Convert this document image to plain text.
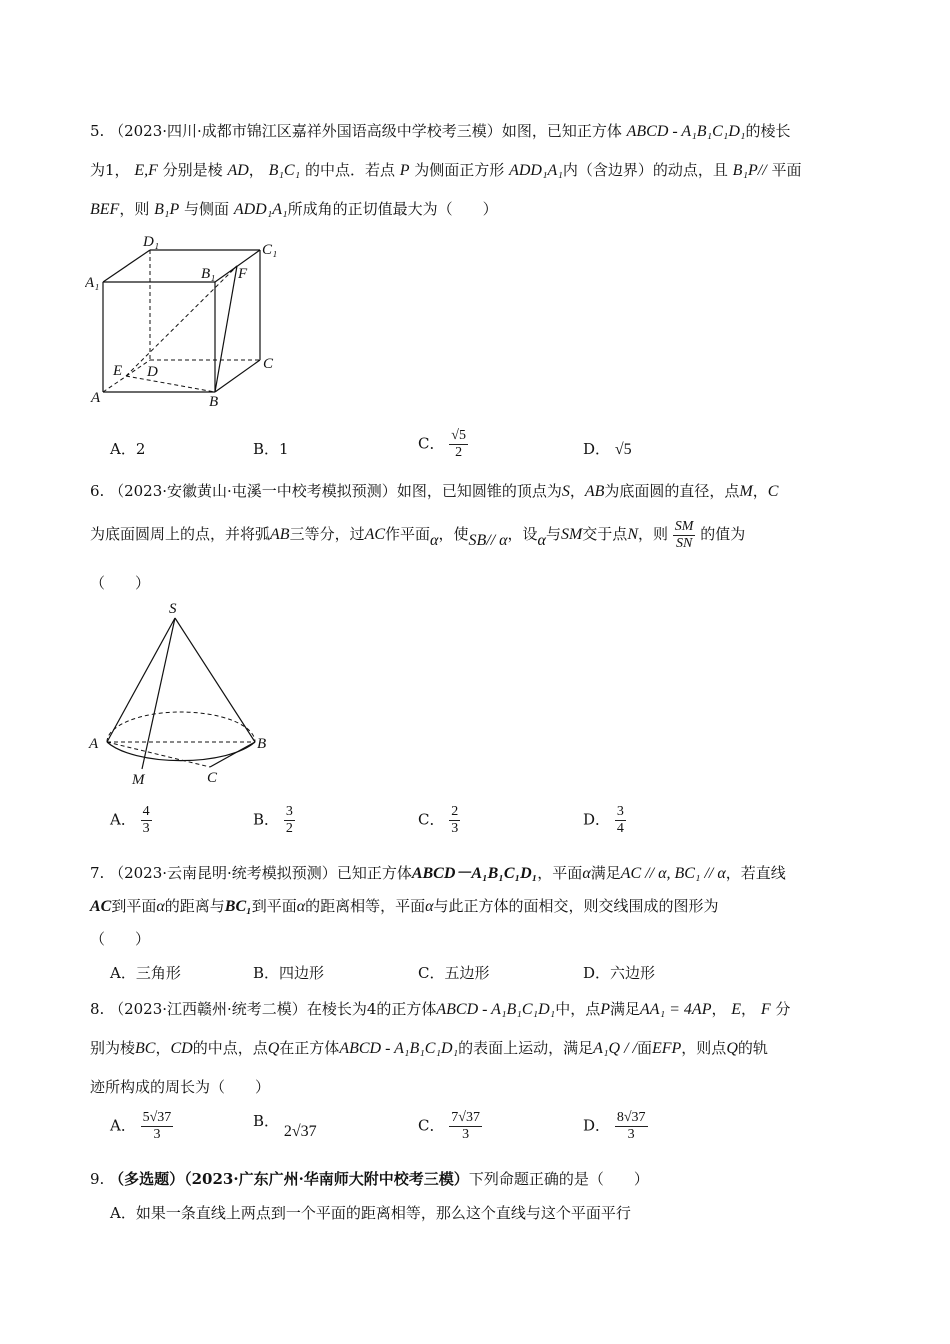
5. （2023·四川·成都市锦江区嘉祥外国语高级中学校考三模）如图，已知正方体 ABCD - A₁B₁C₁D₁的棱长
为1， E,F 分别是棱 AD， B₁C₁ 的中点．若点 P 为侧面正方形 ADD₁A₁内（含边界）的动点，且 B₁P// 平面
BEF，则 B₁P 与侧面 ADD₁A₁所成角的正切值最大为（　　）
D₁	C₁
A₁
B₁ F
E D	C
A	B
A．2	B．1	C． $\frac{√5}{2}$	D． √5
6. （2023·安徽黄山·屯溪一中校考模拟预测）如图，已知圆锥的顶点为S，AB为底面圆的直径，点M，C
为底面圆周上的点，并将弧AB三等分，过AC作平面α，使SB// α，设α与SM交于点N，则 $\frac{SM}{SN}$ 的值为
（　　）
S
A	B
M	C
A． $\frac{4}{3}$	B． $\frac{3}{2}$	C． $\frac{2}{3}$	D． $\frac{3}{4}$
7. （2023·云南昆明·统考模拟预测）已知正方体ABCD－A₁B₁C₁D₁，平面α满足AC // α, BC₁ // α，若直线
AC到平面α的距离与BC₁到平面α的距离相等，平面α与此正方体的面相交，则交线围成的图形为
（　　）
A．三角形	B．四边形	C．五边形	D．六边形
8. （2023·江西赣州·统考二模）在棱长为4的正方体ABCD - A₁B₁C₁D₁中，点P满足AA₁ = 4AP， E， F 分
别为棱BC，CD的中点，点Q在正方体ABCD - A₁B₁C₁D₁的表面上运动，满足A₁Q / /面EFP，则点Q的轨
迹所构成的周长为（　　）
A． $\frac{5√37}{3}$	B． 2√37	C． $\frac{7√37}{3}$	D． $\frac{8√37}{3}$
9. （多选题）（2023·广东广州·华南师大附中校考三模）下列命题正确的是（　　）
A．如果一条直线上两点到一个平面的距离相等，那么这个直线与这个平面平行
